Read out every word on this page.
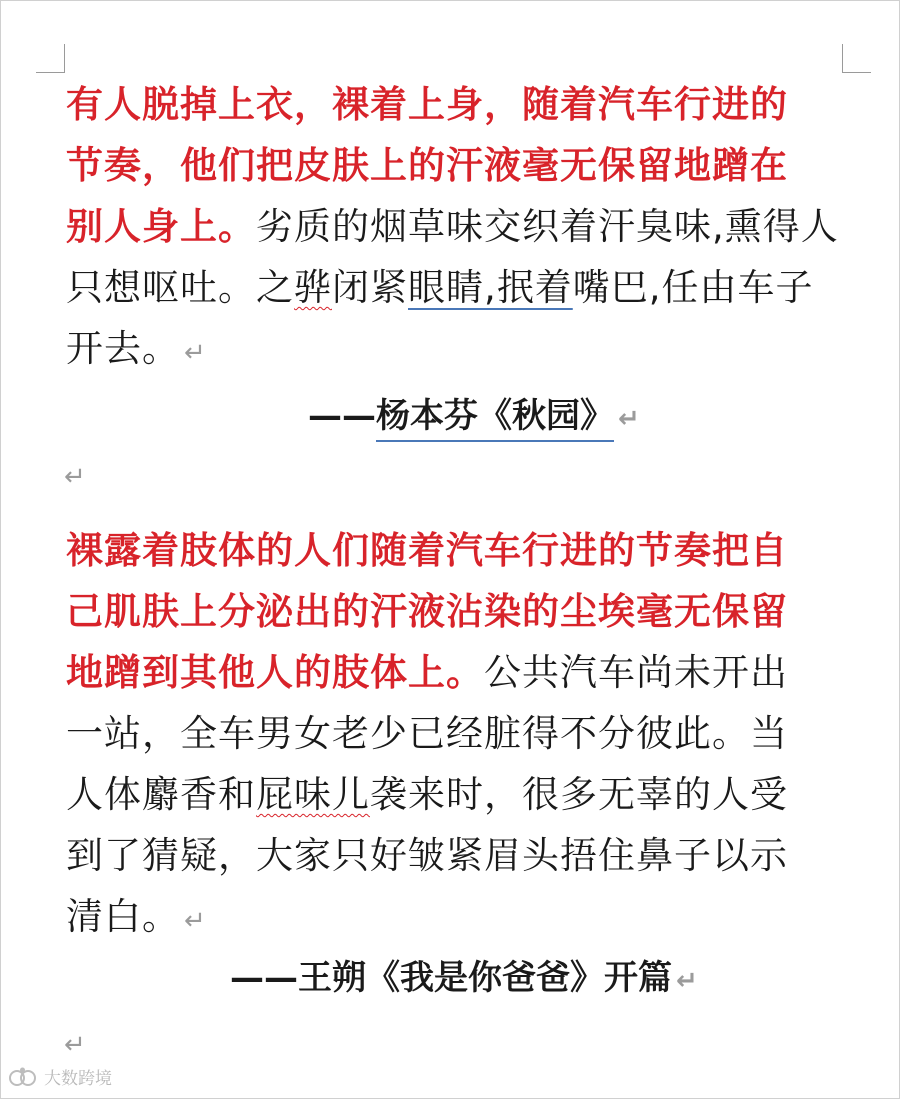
有人脱掉上衣，裸着上身，随着汽车行进的
节奏，他们把皮肤上的汗液毫无保留地蹭在
别人身上。劣质的烟草味交织着汗臭味,熏得人只想呕吐。之骅闭紧眼睛,抿着嘴巴,任由车子开去。 ↵

——杨本芬《秋园》 ↵
↵

裸露着肢体的人们随着汽车行进的节奏把自己肌肤上分泌出的汗液沾染的尘埃毫无保留地蹭到其他人的肢体上。公共汽车尚未开出一站，全车男女老少已经脏得不分彼此。当人体麝香和屁味儿袭来时，很多无辜的人受到了猜疑，大家只好皱紧眉头捂住鼻子以示清白。 ↵

——王朔《我是你爸爸》开篇 ↵
↵
大数跨境
